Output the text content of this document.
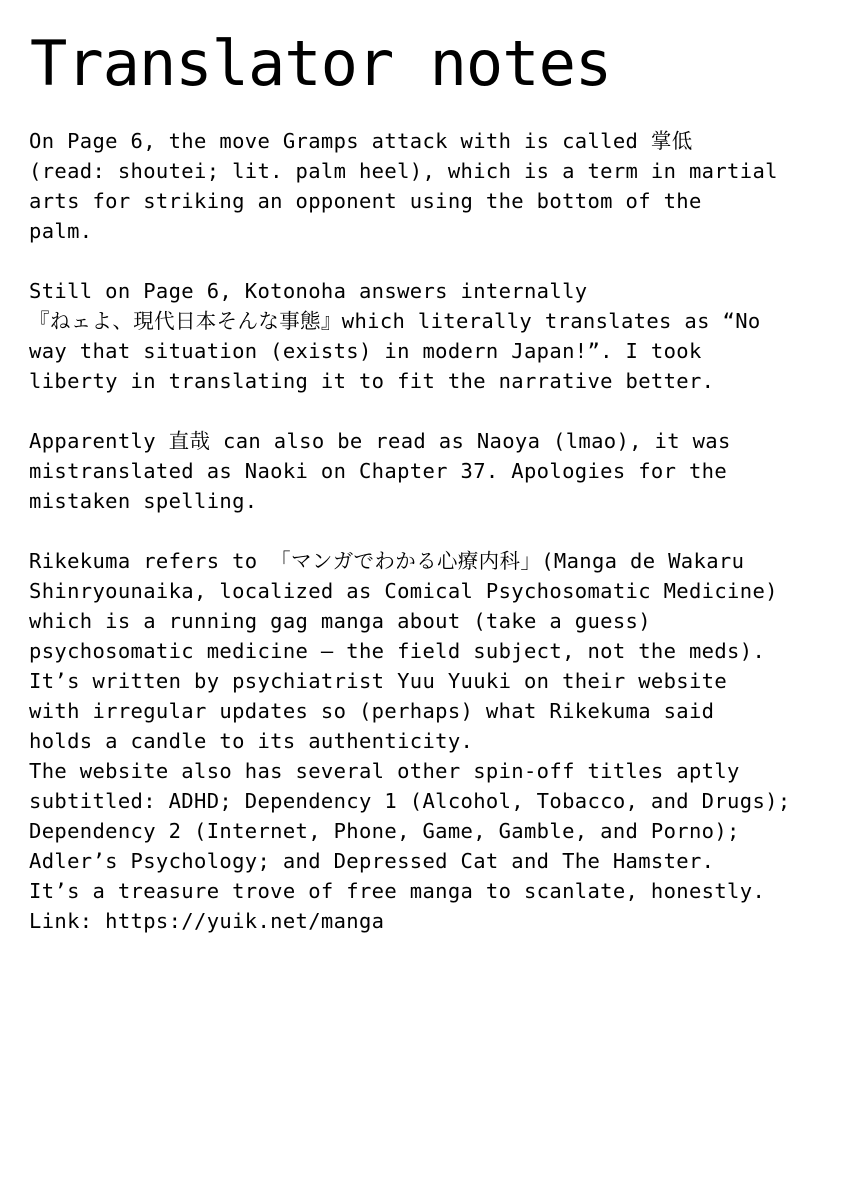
Translator notes

On Page 6, the move Gramps attack with is called 掌低
(read: shoutei; lit. palm heel), which is a term in martial
arts for striking an opponent using the bottom of the
palm.

Still on Page 6, Kotonoha answers internally
『ねェよ、現代日本そんな事態』which literally translates as “No
way that situation (exists) in modern Japan!”. I took
liberty in translating it to fit the narrative better.

Apparently 直哉 can also be read as Naoya (lmao), it was
mistranslated as Naoki on Chapter 37. Apologies for the
mistaken spelling.

Rikekuma refers to 「マンガでわかる心療内科」(Manga de Wakaru
Shinryounaika, localized as Comical Psychosomatic Medicine)
which is a running gag manga about (take a guess)
psychosomatic medicine – the field subject, not the meds).
It’s written by psychiatrist Yuu Yuuki on their website
with irregular updates so (perhaps) what Rikekuma said
holds a candle to its authenticity.
The website also has several other spin-off titles aptly
subtitled: ADHD; Dependency 1 (Alcohol, Tobacco, and Drugs);
Dependency 2 (Internet, Phone, Game, Gamble, and Porno);
Adler’s Psychology; and Depressed Cat and The Hamster.
It’s a treasure trove of free manga to scanlate, honestly.
Link: https://yuik.net/manga
